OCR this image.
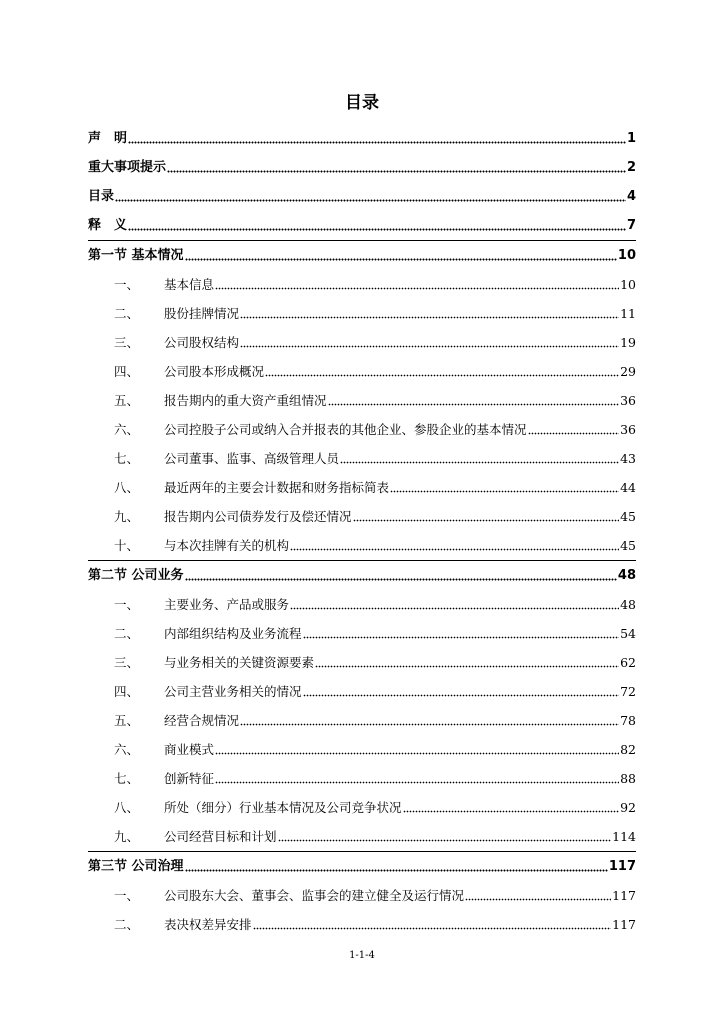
目录
声　明	1
重大事项提示	2
目录	4
释　义	7
第一节 基本情况	10
一、	基本信息	10
二、	股份挂牌情况	11
三、	公司股权结构	19
四、	公司股本形成概况	29
五、	报告期内的重大资产重组情况	36
六、	公司控股子公司或纳入合并报表的其他企业、参股企业的基本情况	36
七、	公司董事、监事、高级管理人员	43
八、	最近两年的主要会计数据和财务指标简表	44
九、	报告期内公司债券发行及偿还情况	45
十、	与本次挂牌有关的机构	45
第二节 公司业务	48
一、	主要业务、产品或服务	48
二、	内部组织结构及业务流程	54
三、	与业务相关的关键资源要素	62
四、	公司主营业务相关的情况	72
五、	经营合规情况	78
六、	商业模式	82
七、	创新特征	88
八、	所处（细分）行业基本情况及公司竞争状况	92
九、	公司经营目标和计划	114
第三节 公司治理	117
一、	公司股东大会、董事会、监事会的建立健全及运行情况	117
二、	表决权差异安排	117
1-1-4
